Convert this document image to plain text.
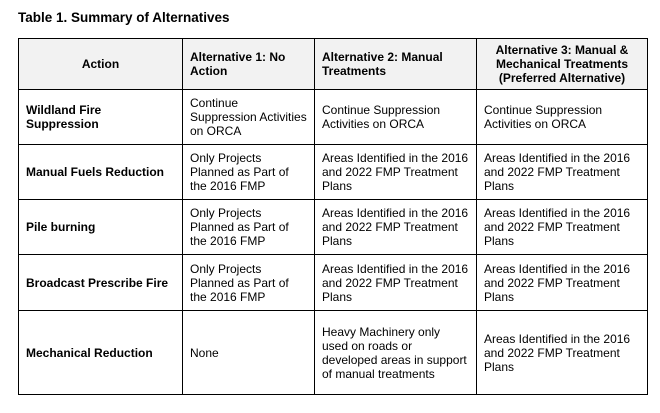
Table 1. Summary of Alternatives
Action	Alternative 1: No Action	Alternative 2: Manual Treatments	Alternative 3: Manual & Mechanical Treatments (Preferred Alternative)
Wildland Fire Suppression	Continue Suppression Activities on ORCA	Continue Suppression Activities on ORCA	Continue Suppression Activities on ORCA
Manual Fuels Reduction	Only Projects Planned as Part of the 2016 FMP	Areas Identified in the 2016 and 2022 FMP Treatment Plans	Areas Identified in the 2016 and 2022 FMP Treatment Plans
Pile burning	Only Projects Planned as Part of the 2016 FMP	Areas Identified in the 2016 and 2022 FMP Treatment Plans	Areas Identified in the 2016 and 2022 FMP Treatment Plans
Broadcast Prescribe Fire	Only Projects Planned as Part of the 2016 FMP	Areas Identified in the 2016 and 2022 FMP Treatment Plans	Areas Identified in the 2016 and 2022 FMP Treatment Plans
Mechanical Reduction	None	Heavy Machinery only used on roads or developed areas in support of manual treatments	Areas Identified in the 2016 and 2022 FMP Treatment Plans
